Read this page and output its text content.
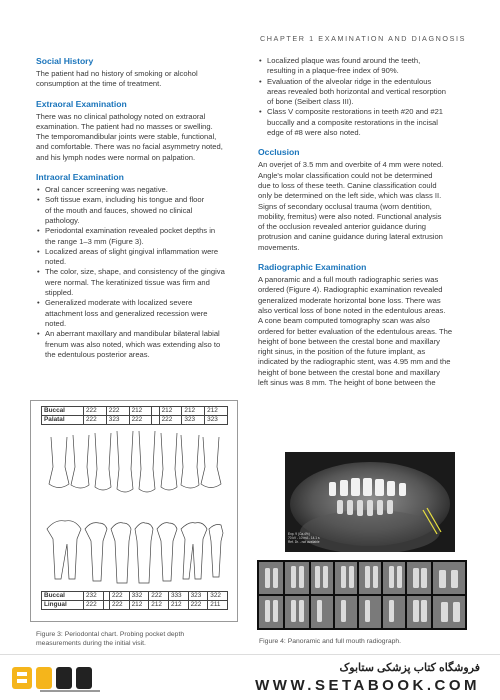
CHAPTER 1 EXAMINATION AND DIAGNOSIS
Social History

The patient had no history of smoking or alcohol
consumption at the time of treatment.

Extraoral Examination

There was no clinical pathology noted on extraoral
examination. The patient had no masses or swelling.
The temporomandibular joints were stable, functional,
and comfortable. There was no facial asymmetry noted,
and his lymph nodes were normal on palpation.

Intraoral Examination
• Oral cancer screening was negative.
• Soft tissue exam, including his tongue and floor
of the mouth and fauces, showed no clinical
pathology.
• Periodontal examination revealed pocket depths in
the range 1–3 mm (Figure 3).
• Localized areas of slight gingival inflammation were
noted.
• The color, size, shape, and consistency of the gingiva
were normal. The keratinized tissue was firm and
stippled.
• Generalized moderate with localized severe
attachment loss and generalized recession were
noted.
• An aberrant maxillary and mandibular bilateral labial
frenum was also noted, which was extending also to
the edentulous posterior areas.
• Localized plaque was found around the teeth,
resulting in a plaque-free index of 90%.
• Evaluation of the alveolar ridge in the edentulous
areas revealed both horizontal and vertical resorption
of bone (Seibert class III).
• Class V composite restorations in teeth #20 and #21
buccally and a composite restorations in the incisal
edge of #8 were also noted.
Occlusion

An overjet of 3.5 mm and overbite of 4 mm were noted.
Angle's molar classification could not be determined
due to loss of these teeth. Canine classification could
only be determined on the left side, which was class II.
Signs of secondary occlusal trauma (worn dentition,
mobility, fremitus) were also noted. Functional analysis
of the occlusion revealed anterior guidance during
protrusion and canine guidance during lateral extrusion
movements.

Radiographic Examination

A panoramic and a full mouth radiographic series was
ordered (Figure 4). Radiographic examination revealed
generalized moderate horizontal bone loss. There was
also vertical loss of bone noted in the edentulous areas.
A cone beam computed tomography scan was also
ordered for better evaluation of the edentulous areas. The
height of bone between the crestal bone and maxillary
right sinus, in the position of the future implant, as
indicated by the radiographic stent, was 4.95 mm and the
height of bone between the crestal bone and maxillary
left sinus was 8 mm. The height of bone between the

Buccal	222	222	212		212	212	212
Palatal	222	323	222		222	323	323
Buccal	232		222	332	222	333	323	322
Lingual	222		222	212	212	212	222	211
Figure 3: Periodontal chart. Probing pocket depth
measurements during the initial visit.
Exp. 9 (Ca-4%)
70 kV - 10 mA - 14.1 s
Ref. Dr. - not available
Figure 4: Panoramic and full mouth radiograph.
فروشگاه کتاب پزشکی ستابوک
WWW.SETABOOK.COM
